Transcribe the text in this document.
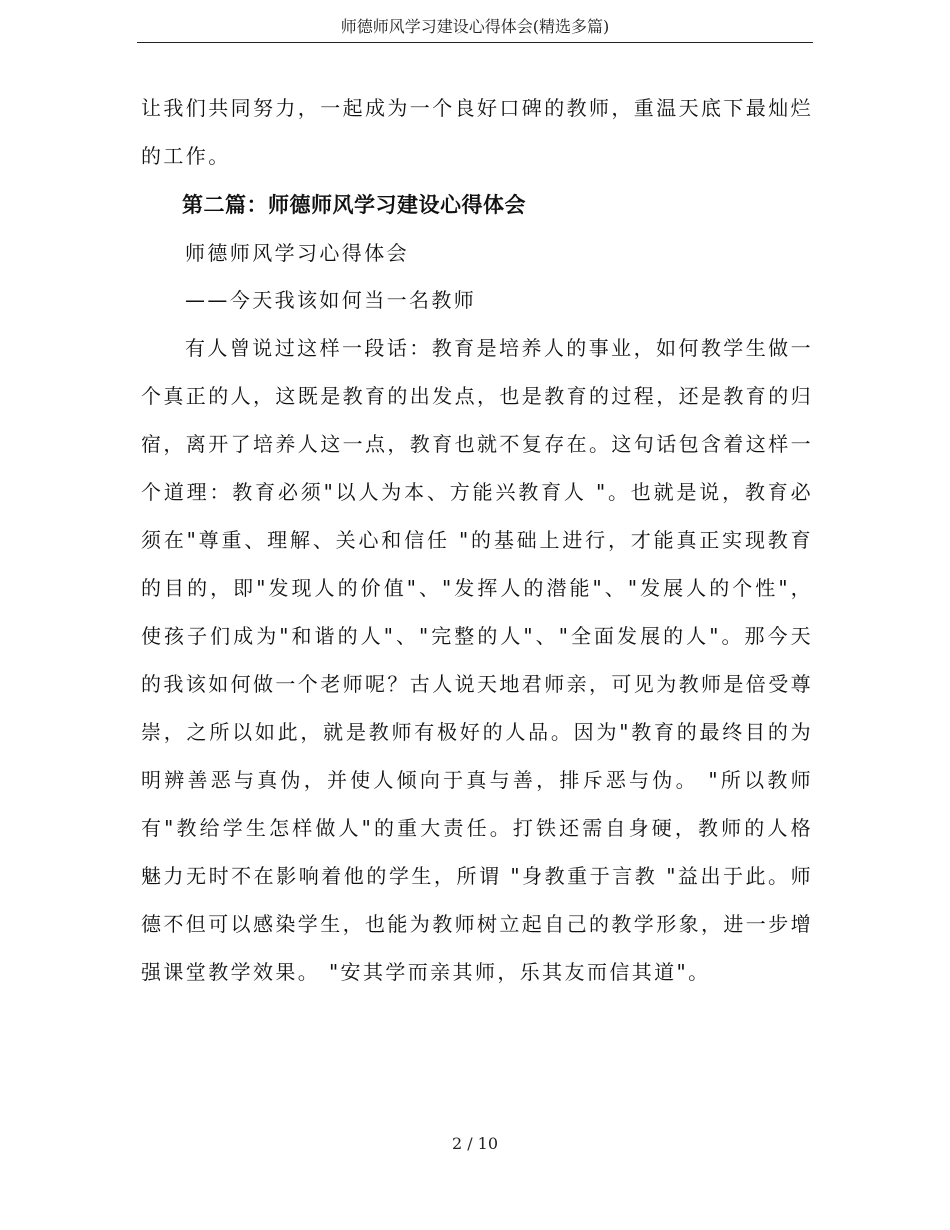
师德师风学习建设心得体会(精选多篇)

让我们共同努力，一起成为一个良好口碑的教师，重温天底下最灿烂的工作。

第二篇：师德师风学习建设心得体会

师德师风学习心得体会

——今天我该如何当一名教师

有人曾说过这样一段话：教育是培养人的事业，如何教学生做一个真正的人，这既是教育的出发点，也是教育的过程，还是教育的归宿，离开了培养人这一点，教育也就不复存在。这句话包含着这样一个道理：教育必须"以人为本、方能兴教育人 "。也就是说，教育必须在"尊重、理解、关心和信任 "的基础上进行，才能真正实现教育的目的，即"发现人的价值"、"发挥人的潜能"、"发展人的个性"，使孩子们成为"和谐的人"、"完整的人"、"全面发展的人"。那今天的我该如何做一个老师呢？古人说天地君师亲，可见为教师是倍受尊崇，之所以如此，就是教师有极好的人品。因为"教育的最终目的为明辨善恶与真伪，并使人倾向于真与善，排斥恶与伪。 "所以教师有"教给学生怎样做人"的重大责任。打铁还需自身硬，教师的人格魅力无时不在影响着他的学生，所谓 "身教重于言教 "益出于此。师德不但可以感染学生，也能为教师树立起自己的教学形象，进一步增强课堂教学效果。 "安其学而亲其师，乐其友而信其道"。

2 / 10
